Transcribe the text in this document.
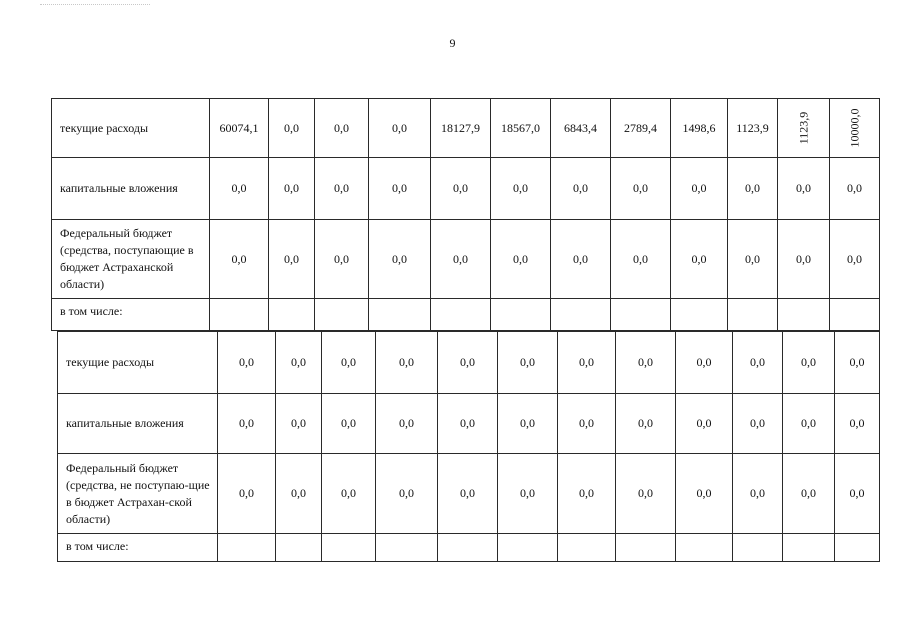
9
текущие расходы	60074,1	0,0	0,0	0,0	18127,9	18567,0	6843,4	2789,4	1498,6	1123,9	1123,9	10000,0

капитальные вложения	0,0	0,0	0,0	0,0	0,0	0,0	0,0	0,0	0,0	0,0	0,0	0,0
Федеральный бюджет (средства, поступающие в бюджет Астраханской области)	0,0	0,0	0,0	0,0	0,0	0,0	0,0	0,0	0,0	0,0	0,0	0,0
в том числе:												
текущие расходы	0,0	0,0	0,0	0,0	0,0	0,0	0,0	0,0	0,0	0,0	0,0	0,0
капитальные вложения	0,0	0,0	0,0	0,0	0,0	0,0	0,0	0,0	0,0	0,0	0,0	0,0
Федеральный бюджет (средства, не поступаю-щие в бюджет Астрахан-ской области)	0,0	0,0	0,0	0,0	0,0	0,0	0,0	0,0	0,0	0,0	0,0	0,0
в том числе:												
